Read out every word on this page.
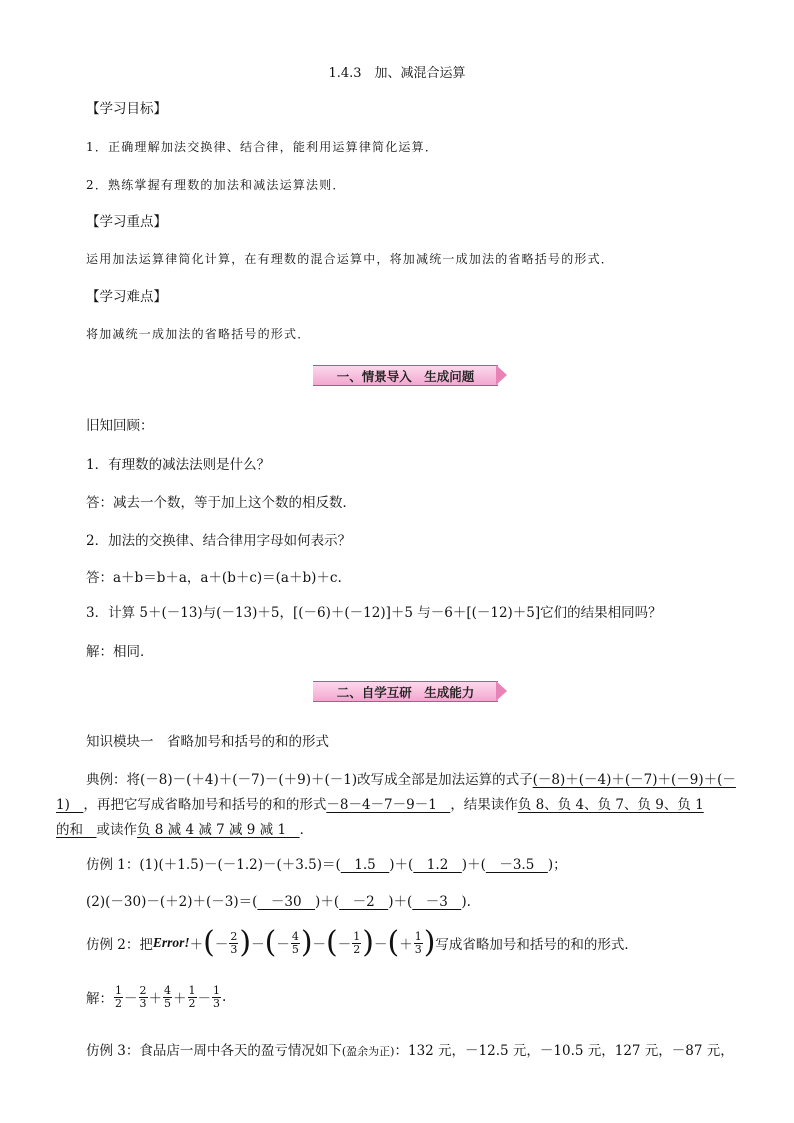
1.4.3　加、减混合运算
【学习目标】
1．正确理解加法交换律、结合律，能利用运算律简化运算．
2．熟练掌握有理数的加法和减法运算法则．
【学习重点】
运用加法运算律简化计算，在有理数的混合运算中，将加减统一成加法的省略括号的形式．
【学习难点】
将加减统一成加法的省略括号的形式．
一、情景导入　生成问题
旧知回顾：
1．有理数的减法法则是什么？
答：减去一个数，等于加上这个数的相反数．
2．加法的交换律、结合律用字母如何表示？
答：a＋b＝b＋a，a＋(b＋c)＝(a＋b)＋c.
3．计算 5＋(－13)与(－13)＋5，[(－6)＋(－12)]＋5 与－6＋[(－12)＋5]它们的结果相同吗？
解：相同．
二、自学互研　生成能力
知识模块一　省略加号和括号的和的形式
典例：将(－8)－(＋4)＋(－7)－(＋9)＋(－1)改写成全部是加法运算的式子(－8)＋(－4)＋(－7)＋(－9)＋(－
1)　，再把它写成省略加号和括号的和的形式－8－4－7－9－1　，结果读作负 8、负 4、负 7、负 9、负 1
的和　或读作负 8 减 4 减 7 减 9 减 1　．
仿例 1：(1)(＋1.5)－(－1.2)－(＋3.5)＝(　1.5　)＋(　1.2　)＋(　－3.5　)；
(2)(－30)－(＋2)＋(－3)＝(　－30　)＋(　－2　)＋(　－3　).
仿例 2：把 Error! ＋ ( － $\frac{2}{3}$ ) － ( － $\frac{4}{5}$ ) － ( － $\frac{1}{2}$ ) － ( ＋ $\frac{1}{3}$ ) 写成省略加号和括号的和的形式．
解： $\frac{1}{2} - \frac{2}{3} + \frac{4}{5} + \frac{1}{2} - \frac{1}{3}$ .
仿例 3：食品店一周中各天的盈亏情况如下(盈余为正)：132 元，－12.5 元，－10.5 元，127 元，－87 元，
